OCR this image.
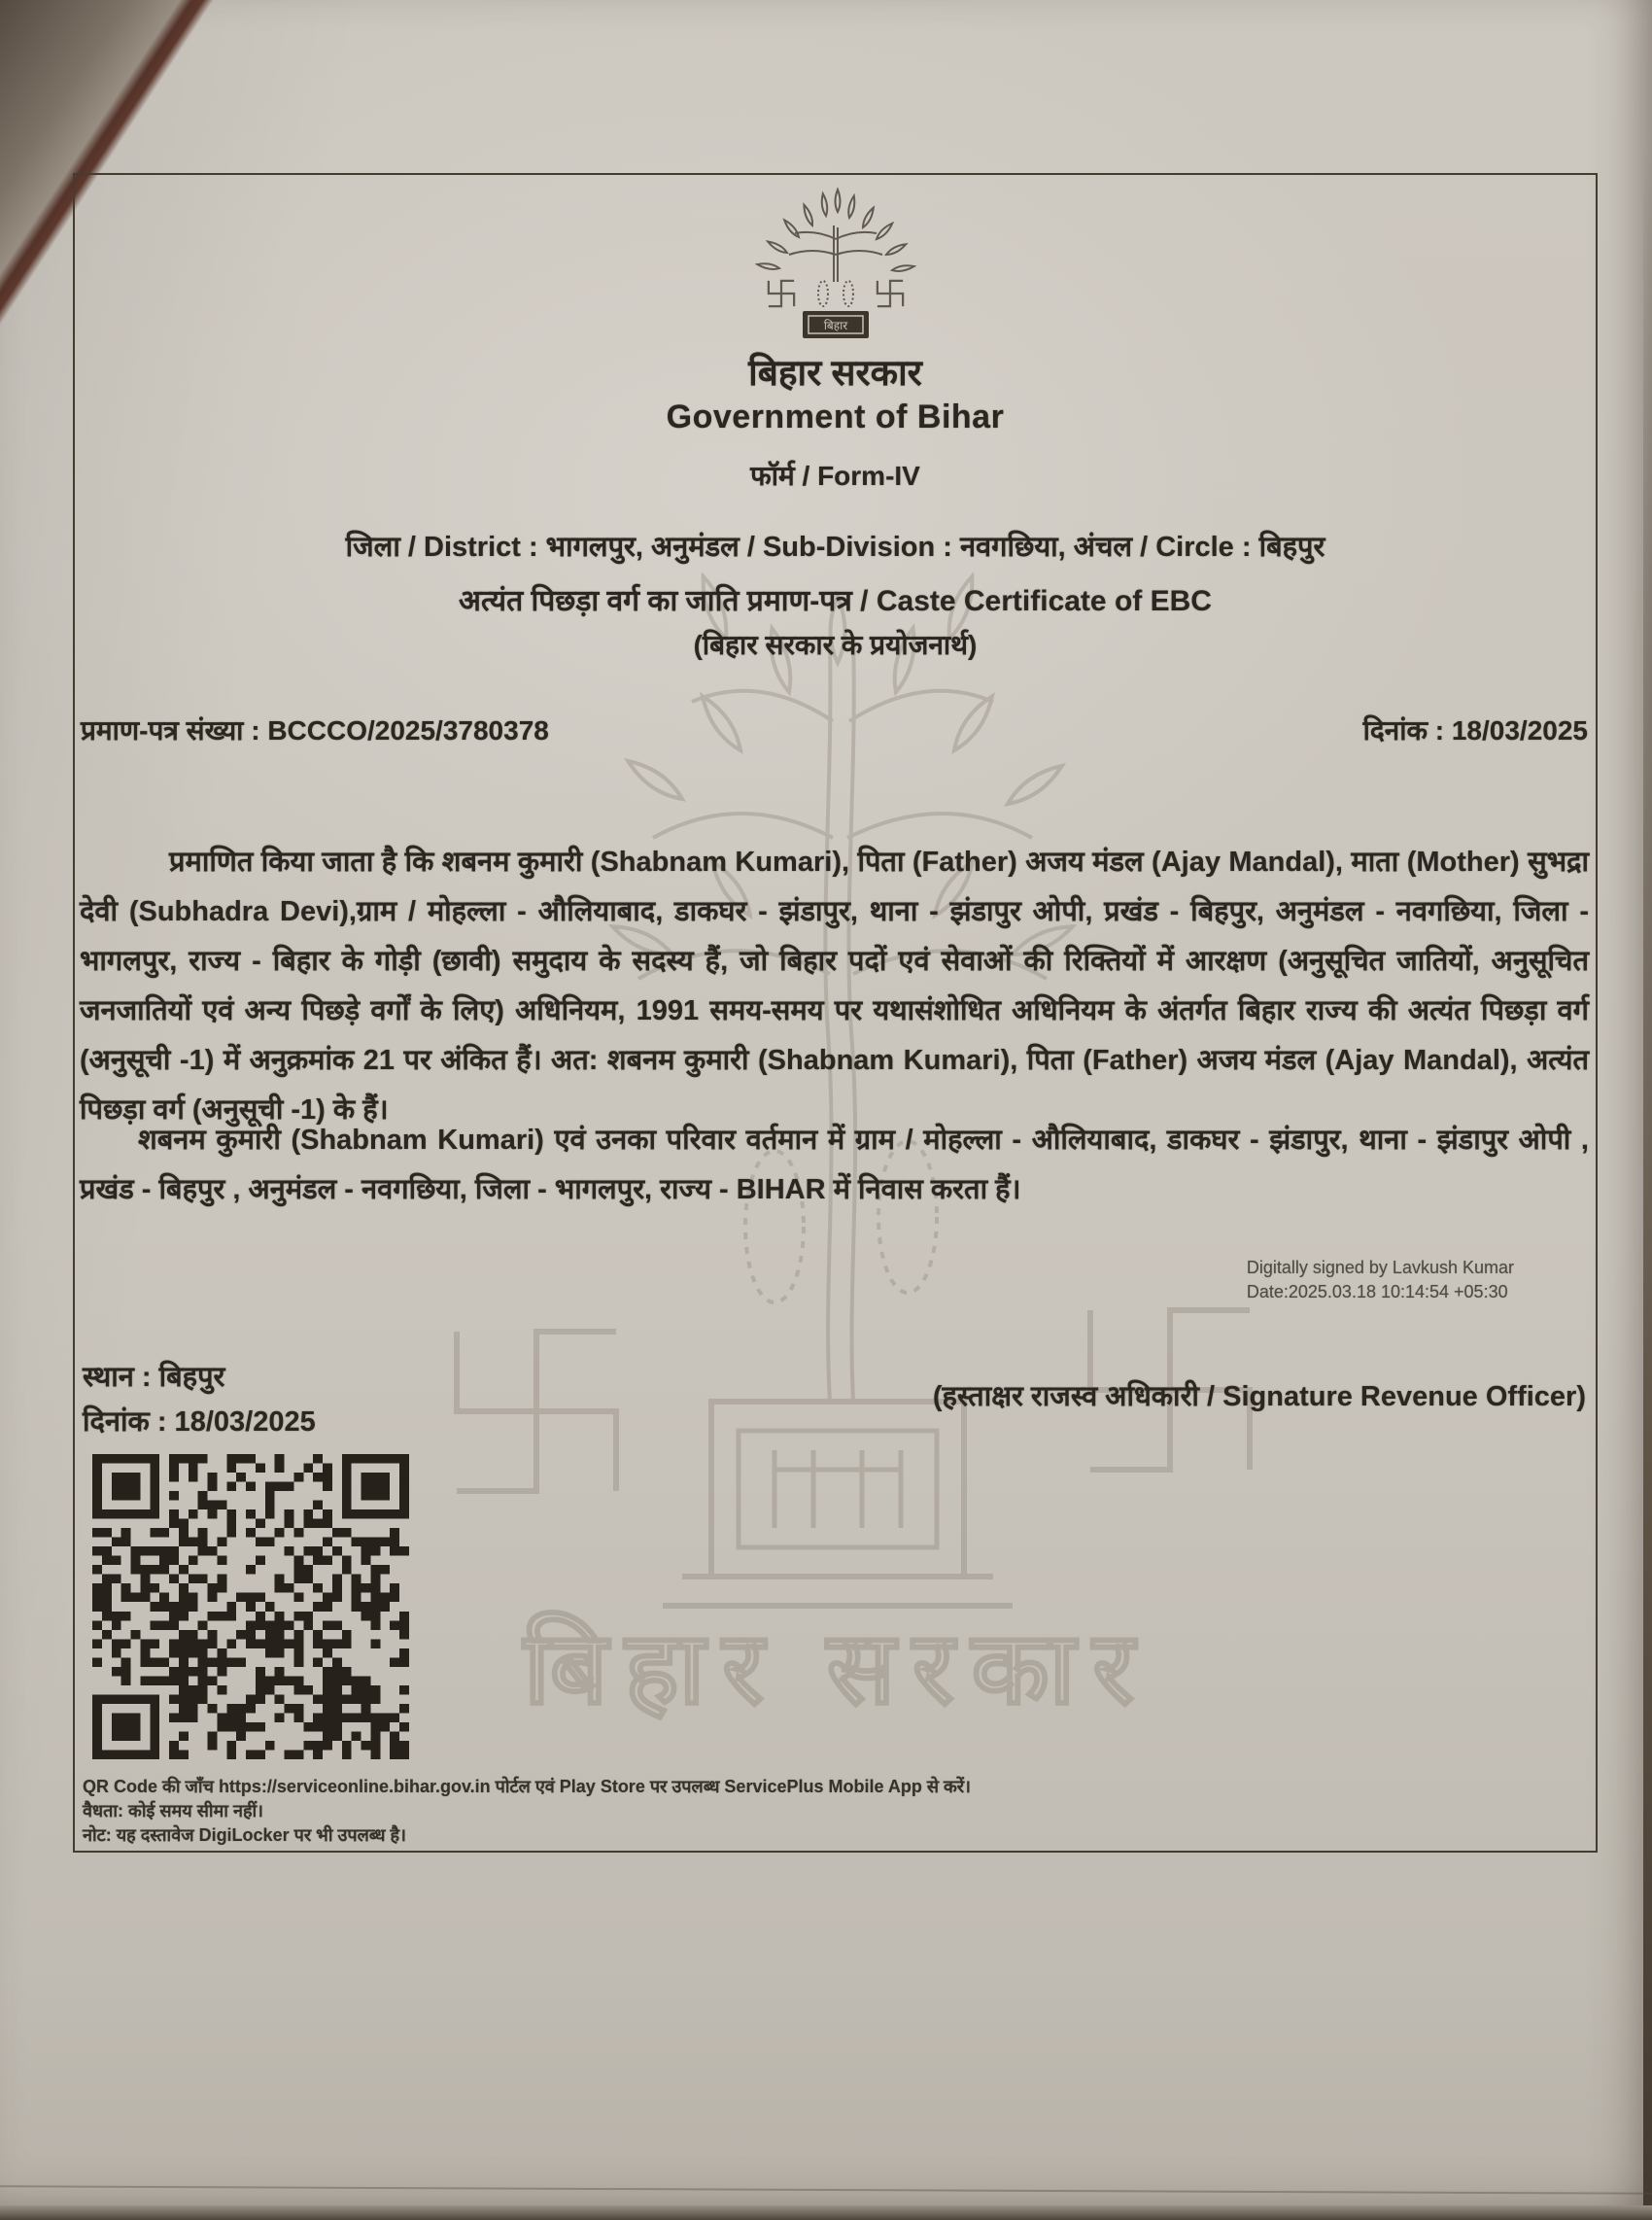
बिहार सरकार
बिहार
बिहार सरकार
Government of Bihar
फॉर्म / Form-IV
जिला / District : भागलपुर, अनुमंडल / Sub-Division : नवगछिया, अंचल / Circle : बिहपुर
अत्यंत पिछड़ा वर्ग का जाति प्रमाण-पत्र / Caste Certificate of EBC
(बिहार सरकार के प्रयोजनार्थ)
प्रमाण-पत्र संख्या : BCCCO/2025/3780378	दिनांक : 18/03/2025
प्रमाणित किया जाता है कि शबनम कुमारी (Shabnam Kumari), पिता (Father) अजय मंडल (Ajay Mandal), माता (Mother) सुभद्रा देवी (Subhadra Devi),ग्राम / मोहल्ला - औलियाबाद, डाकघर - झंडापुर, थाना - झंडापुर ओपी, प्रखंड - बिहपुर, अनुमंडल - नवगछिया, जिला - भागलपुर, राज्य - बिहार के गोड़ी (छावी) समुदाय के सदस्य हैं, जो बिहार पदों एवं सेवाओं की रिक्तियों में आरक्षण (अनुसूचित जातियों, अनुसूचित जनजातियों एवं अन्य पिछड़े वर्गों के लिए) अधिनियम, 1991 समय-समय पर यथासंशोधित अधिनियम के अंतर्गत बिहार राज्य की अत्यंत पिछड़ा वर्ग (अनुसूची -1) में अनुक्रमांक 21 पर अंकित हैं। अत: शबनम कुमारी (Shabnam Kumari), पिता (Father) अजय मंडल (Ajay Mandal), अत्यंत पिछड़ा वर्ग (अनुसूची -1) के हैं।
शबनम कुमारी (Shabnam Kumari) एवं उनका परिवार वर्तमान में ग्राम / मोहल्ला - औलियाबाद, डाकघर - झंडापुर, थाना - झंडापुर ओपी , प्रखंड - बिहपुर , अनुमंडल - नवगछिया, जिला - भागलपुर, राज्य - BIHAR में निवास करता हैं।
Digitally signed by Lavkush Kumar
Date:2025.03.18 10:14:54 +05:30
स्थान : बिहपुर
दिनांक : 18/03/2025
(हस्ताक्षर राजस्व अधिकारी / Signature Revenue Officer)
QR Code की जाँच https://serviceonline.bihar.gov.in पोर्टल एवं Play Store पर उपलब्ध ServicePlus Mobile App से करें।
वैधता: कोई समय सीमा नहीं।
नोट: यह दस्तावेज DigiLocker पर भी उपलब्ध है।
